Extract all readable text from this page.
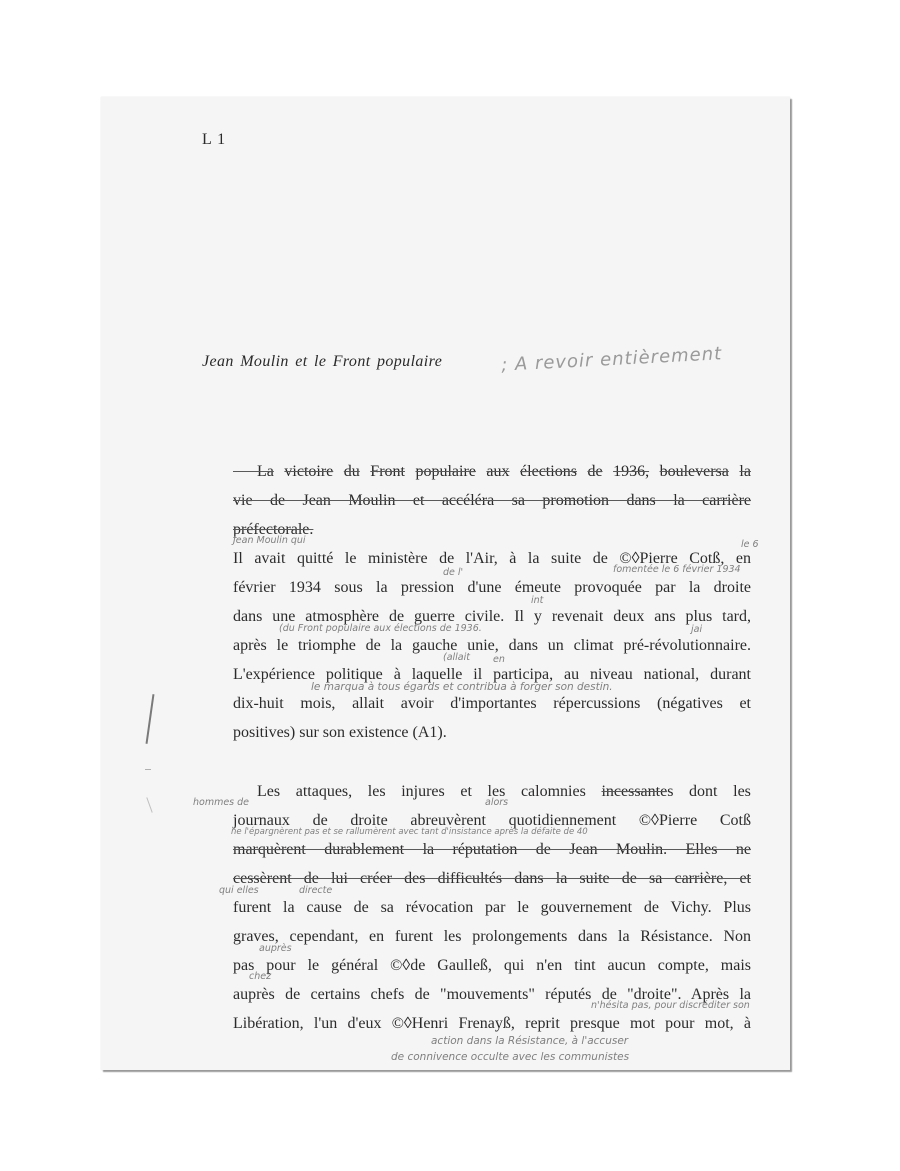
L 1
Jean Moulin et le Front populaire	; A revoir entièrement
  La victoire du Front populaire aux élections de 1936, bouleversa la
vie de Jean Moulin et accéléra sa promotion dans la carrière
préfectorale.
Jean Moulin qui
Il avait quitté le ministère de l'Air, à la suite de ©◊Pierre Cotß, en
le 6
de l'	fomentée le 6 février 1934
février 1934 sous la pression d'une émeute provoquée par la droite
int
dans une atmosphère de guerre civile. Il y revenait deux ans plus tard,
(du Front populaire aux élections de 1936.	jai
après le triomphe de la gauche unie, dans un climat pré-révolutionnaire.
(allait en
L'expérience politique à laquelle il participa, au niveau national, durant
le marqua à tous égards et contribua à forger son destin.
dix-huit mois, allait avoir d'importantes répercussions (négatives et
positives) sur son existence (A1).
  Les attaques, les injures et les calomnies incessantes dont les
hommes de	alors
journaux de droite abreuvèrent quotidiennement ©◊Pierre Cotß
ne l'épargnèrent pas et se rallumèrent avec tant d'insistance après la défaite de 40
marquèrent durablement la réputation de Jean Moulin. Elles ne
cessèrent de lui créer des difficultés dans la suite de sa carrière, et
qui elles	directe
furent la cause de sa révocation par le gouvernement de Vichy. Plus
graves, cependant, en furent les prolongements dans la Résistance. Non
auprès
pas pour le général ©◊de Gaulleß, qui n'en tint aucun compte, mais
chez
auprès de certains chefs de "mouvements" réputés de "droite". Après la
n'hésita pas, pour discréditer son
Libération, l'un d'eux ©◊Henri Frenayß, reprit presque mot pour mot, à
action dans la Résistance, à l'accuser
de connivence occulte avec les communistes
